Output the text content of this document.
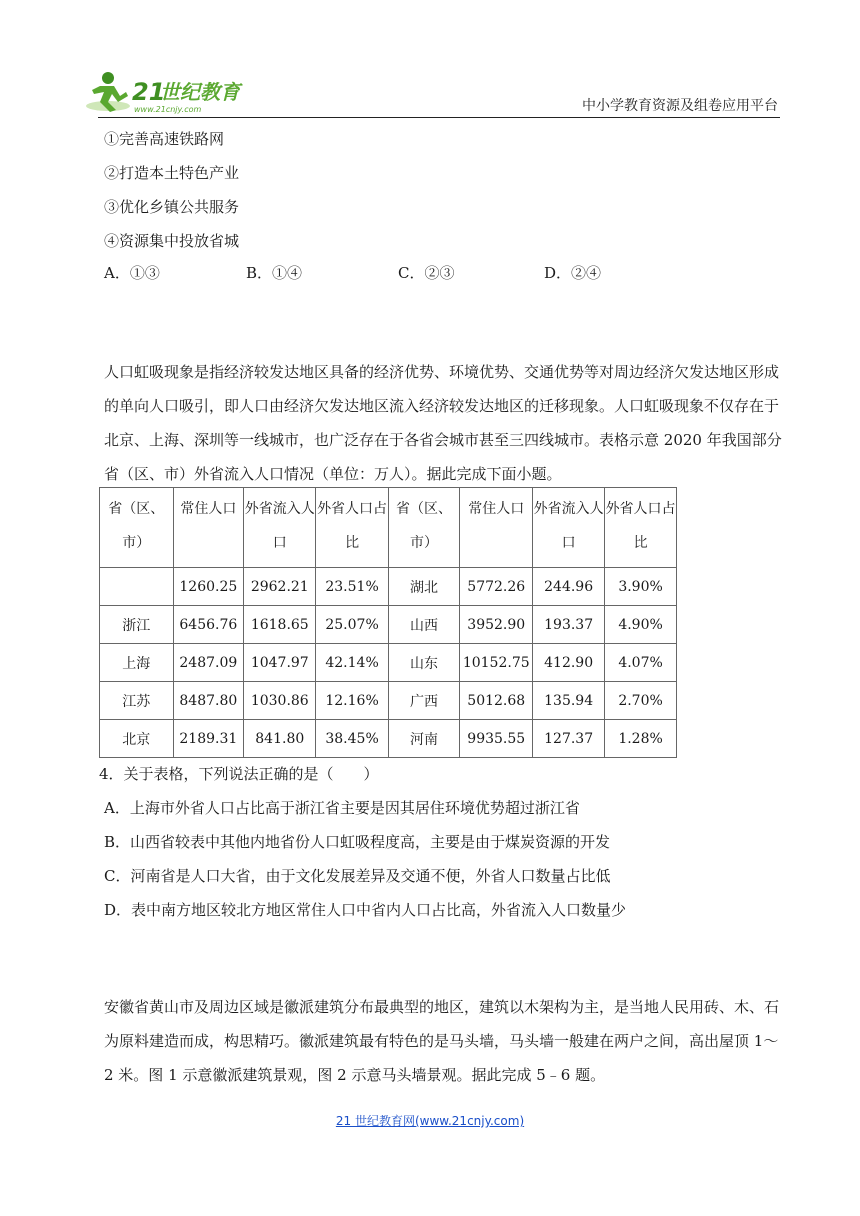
21
世纪教育
www.21cnjy.com	中小学教育资源及组卷应用平台
①完善高速铁路网
②打造本土特色产业
③优化乡镇公共服务
④资源集中投放省城
A．①③	B．①④	C．②③	D．②④
人口虹吸现象是指经济较发达地区具备的经济优势、环境优势、交通优势等对周边经济欠发达地区形成的单向人口吸引，即人口由经济欠发达地区流入经济较发达地区的迁移现象。人口虹吸现象不仅存在于北京、上海、深圳等一线城市，也广泛存在于各省会城市甚至三四线城市。表格示意 2020 年我国部分省（区、市）外省流入人口情况（单位：万人）。据此完成下面小题。
省（区、市）	常住人口	外省流入人口	外省人口占比	省（区、市）	常住人口	外省流入人口	外省人口占比
	1260.25	2962.21	23.51%	湖北	5772.26	244.96	3.90%
浙江	6456.76	1618.65	25.07%	山西	3952.90	193.37	4.90%
上海	2487.09	1047.97	42.14%	山东	10152.75	412.90	4.07%
江苏	8487.80	1030.86	12.16%	广西	5012.68	135.94	2.70%
北京	2189.31	841.80	38.45%	河南	9935.55	127.37	1.28%
4．关于表格，下列说法正确的是（　　）
A．上海市外省人口占比高于浙江省主要是因其居住环境优势超过浙江省
B．山西省较表中其他内地省份人口虹吸程度高，主要是由于煤炭资源的开发
C．河南省是人口大省，由于文化发展差异及交通不便，外省人口数量占比低
D．表中南方地区较北方地区常住人口中省内人口占比高，外省流入人口数量少
安徽省黄山市及周边区域是徽派建筑分布最典型的地区，建筑以木架构为主，是当地人民用砖、木、石为原料建造而成，构思精巧。徽派建筑最有特色的是马头墙，马头墙一般建在两户之间，高出屋顶 1～2 米。图 1 示意徽派建筑景观，图 2 示意马头墙景观。据此完成 5﹣6 题。
21 世纪教育网(www.21cnjy.com)
